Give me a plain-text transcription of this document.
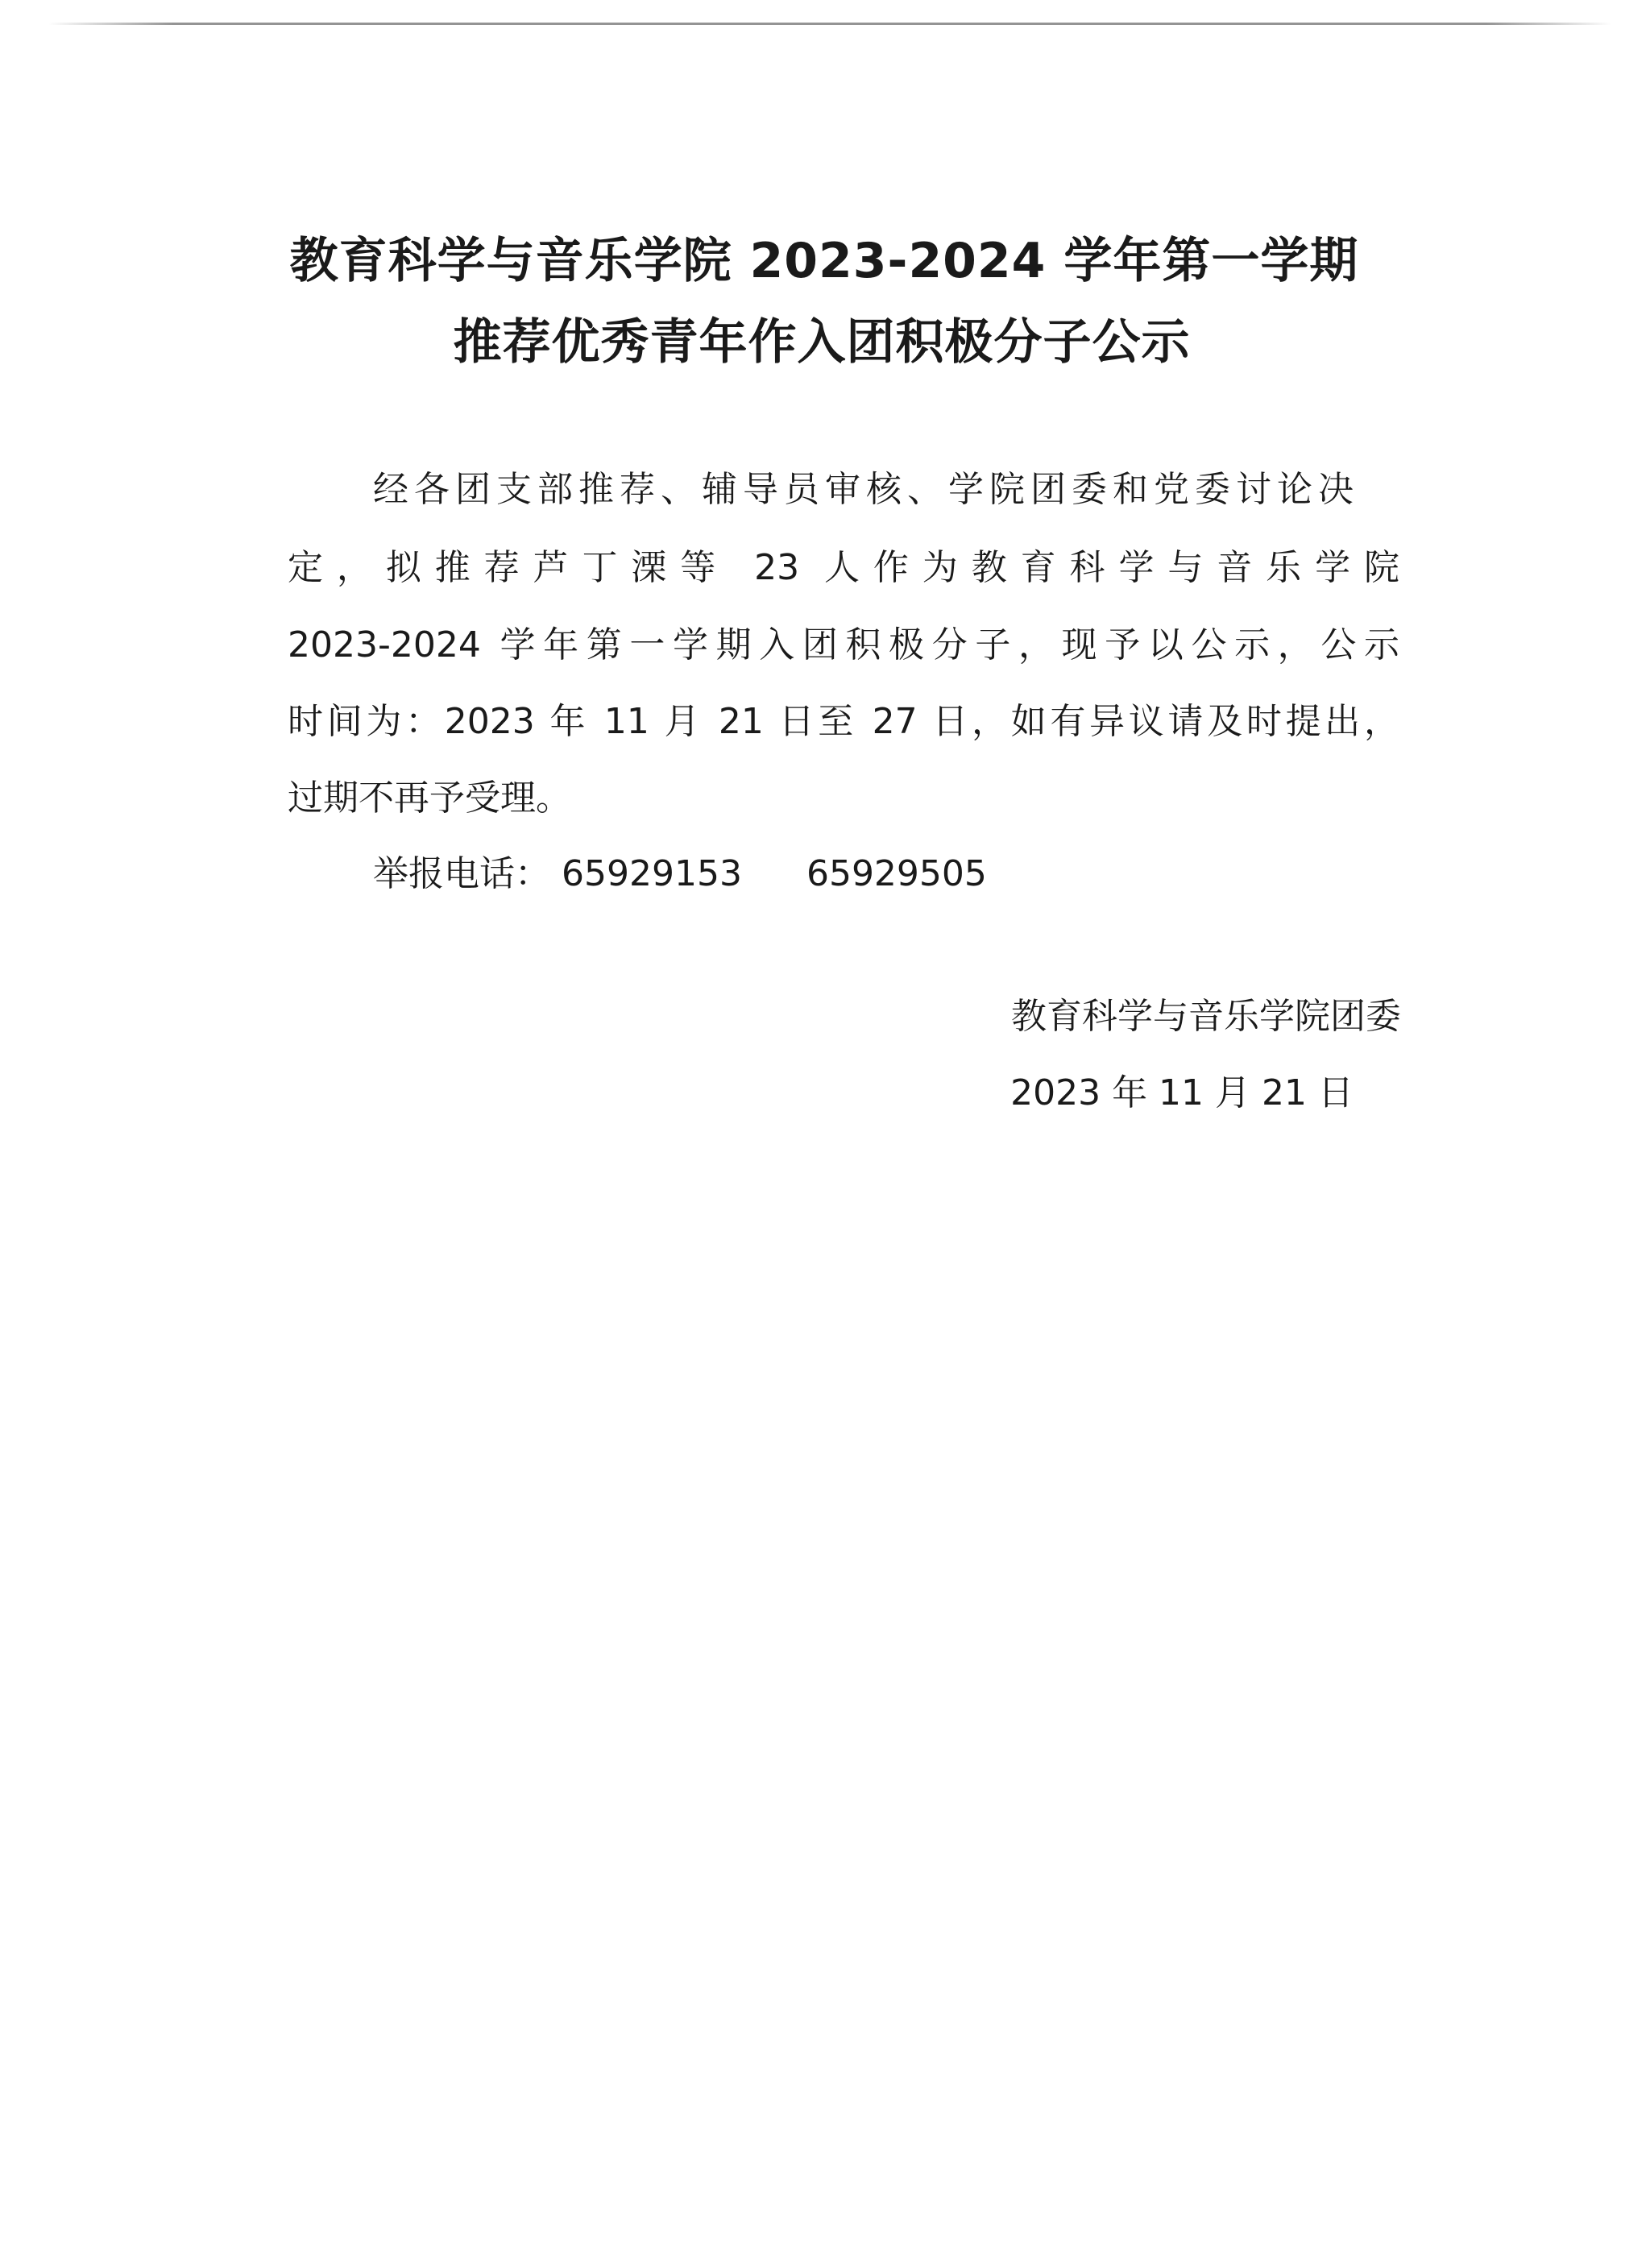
教育科学与音乐学院 2023-2024 学年第一学期
推荐优秀青年作入团积极分子公示
经各团支部推荐、辅导员审核、学院团委和党委讨论决
定，拟推荐芦丁溧等 23 人作为教育科学与音乐学院
2023-2024 学年第一学期入团积极分子，现予以公示，公示
时间为：2023 年 11 月 21 日至 27 日，如有异议请及时提出，
过期不再予受理。
举报电话： 65929153 65929505
教育科学与音乐学院团委
2023 年 11 月 21 日
